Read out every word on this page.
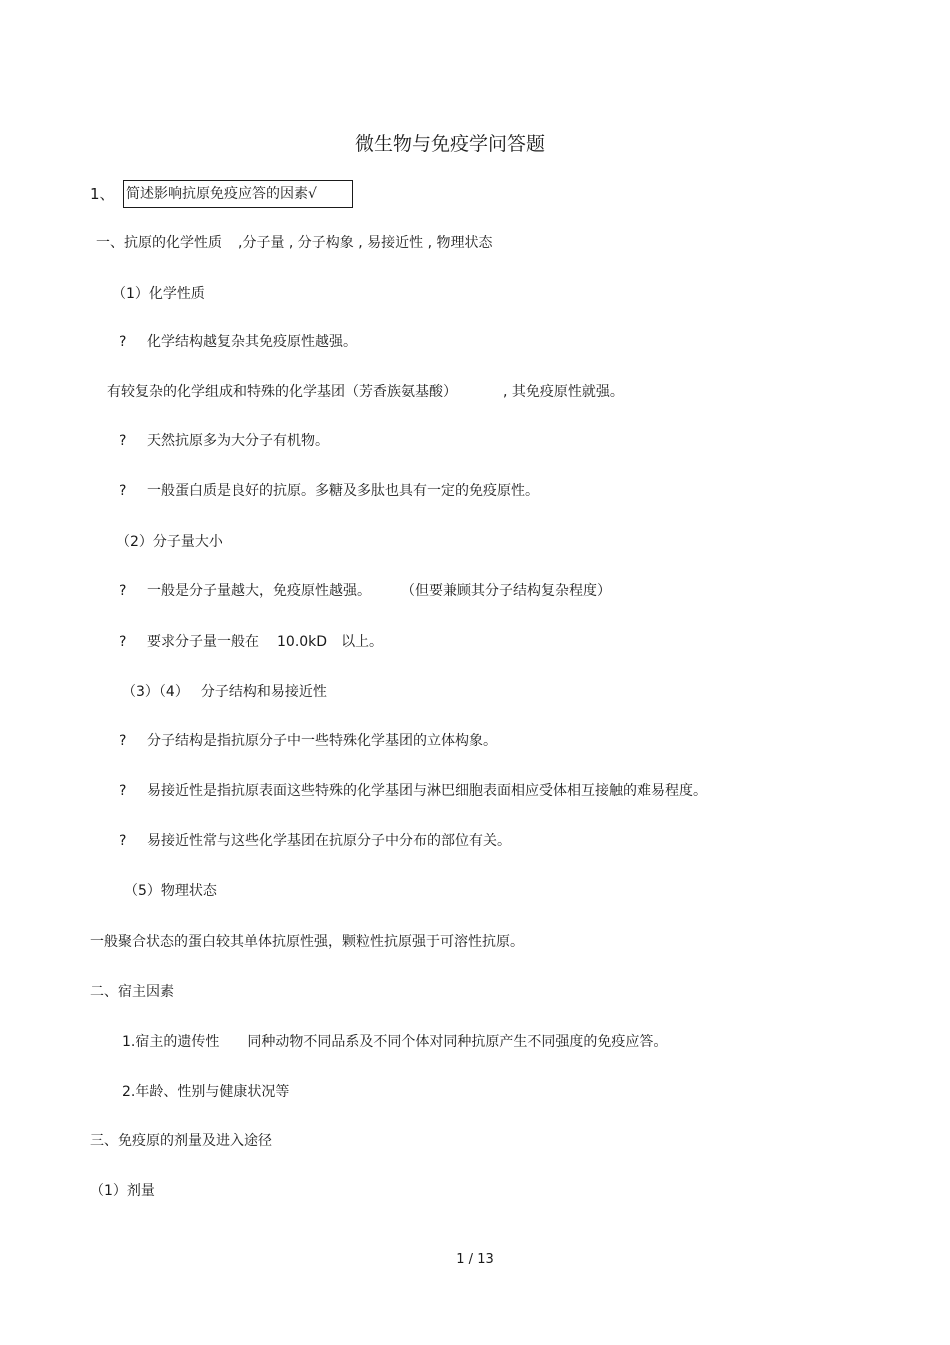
微生物与免疫学问答题
1、 简述影响抗原免疫应答的因素√
一、抗原的化学性质 ,分子量 , 分子构象 , 易接近性 , 物理状态
（1）化学性质
? 化学结构越复杂其免疫原性越强。
有较复杂的化学组成和特殊的化学基团（芳香族氨基酸）	, 其免疫原性就强。
? 天然抗原多为大分子有机物。
? 一般蛋白质是良好的抗原。多糖及多肽也具有一定的免疫原性。
（2）分子量大小
? 一般是分子量越大，免疫原性越强。 （但要兼顾其分子结构复杂程度）
? 要求分子量一般在 10.0kD 以上。
（3）（4） 分子结构和易接近性
? 分子结构是指抗原分子中一些特殊化学基团的立体构象。
? 易接近性是指抗原表面这些特殊的化学基团与淋巴细胞表面相应受体相互接触的难易程度。
? 易接近性常与这些化学基团在抗原分子中分布的部位有关。
（5）物理状态
一般聚合状态的蛋白较其单体抗原性强，颗粒性抗原强于可溶性抗原。
二、宿主因素
1.宿主的遗传性 同种动物不同品系及不同个体对同种抗原产生不同强度的免疫应答。
2.年龄、性别与健康状况等
三、免疫原的剂量及进入途径
（1）剂量
1 / 13
